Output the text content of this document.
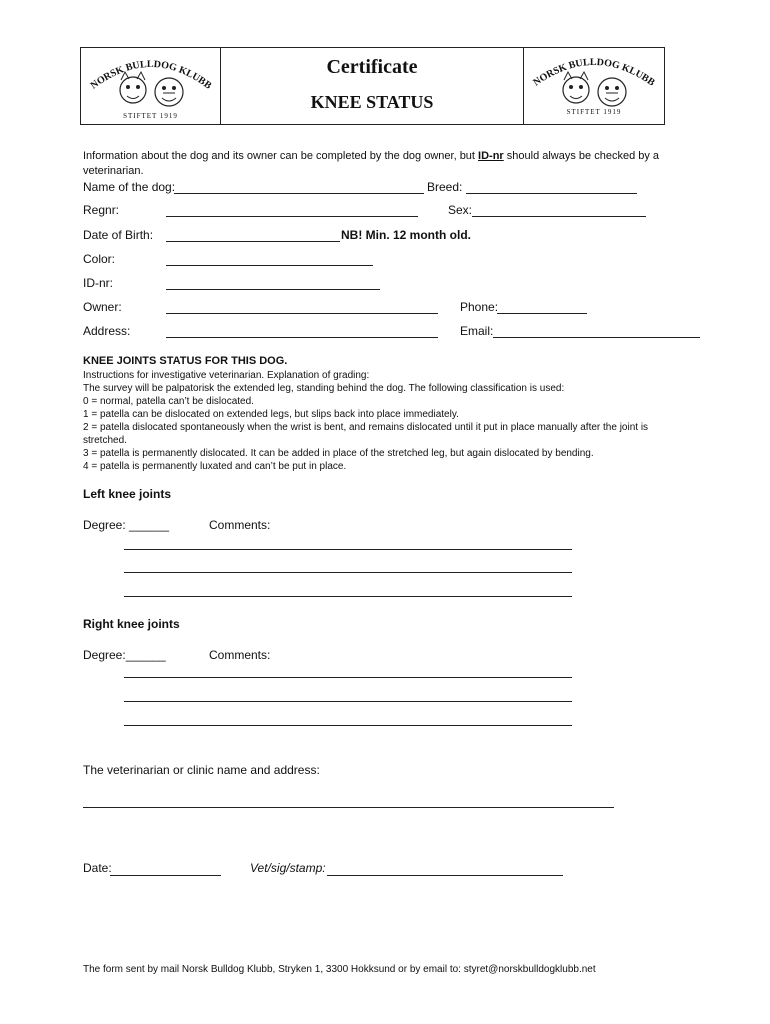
NORSK BULLDOG KLUBB
STIFTET 1919
Certificate
KNEE STATUS
NORSK BULLDOG KLUBB
STIFTET 1919
Information about the dog and its owner can be completed by the dog owner, but ID-nr should always be checked by a veterinarian.
Name of the dog:	Breed:
Regnr:	Sex:
Date of Birth:	NB! Min. 12 month old.
Color:
ID-nr:
Owner:	Phone:
Address:	Email:
KNEE JOINTS STATUS FOR THIS DOG.
Instructions for investigative veterinarian. Explanation of grading:
The survey will be palpatorisk the extended leg, standing behind the dog. The following classification is used:
0 = normal, patella can’t be dislocated.
1 = patella can be dislocated on extended legs, but slips back into place immediately.
2 = patella dislocated spontaneously when the wrist is bent, and remains dislocated until it put in place manually after the joint is
stretched.
3 = patella is permanently dislocated. It can be added in place of the stretched leg, but again dislocated by bending.
4 = patella is permanently luxated and can’t be put in place.
Left knee joints
Degree: ______	Comments:
Right knee joints
Degree:______	Comments:
The veterinarian or clinic name and address:
Date:	Vet/sig/stamp:
The form sent by mail Norsk Bulldog Klubb, Stryken 1, 3300 Hokksund or by email to: styret@norskbulldogklubb.net
